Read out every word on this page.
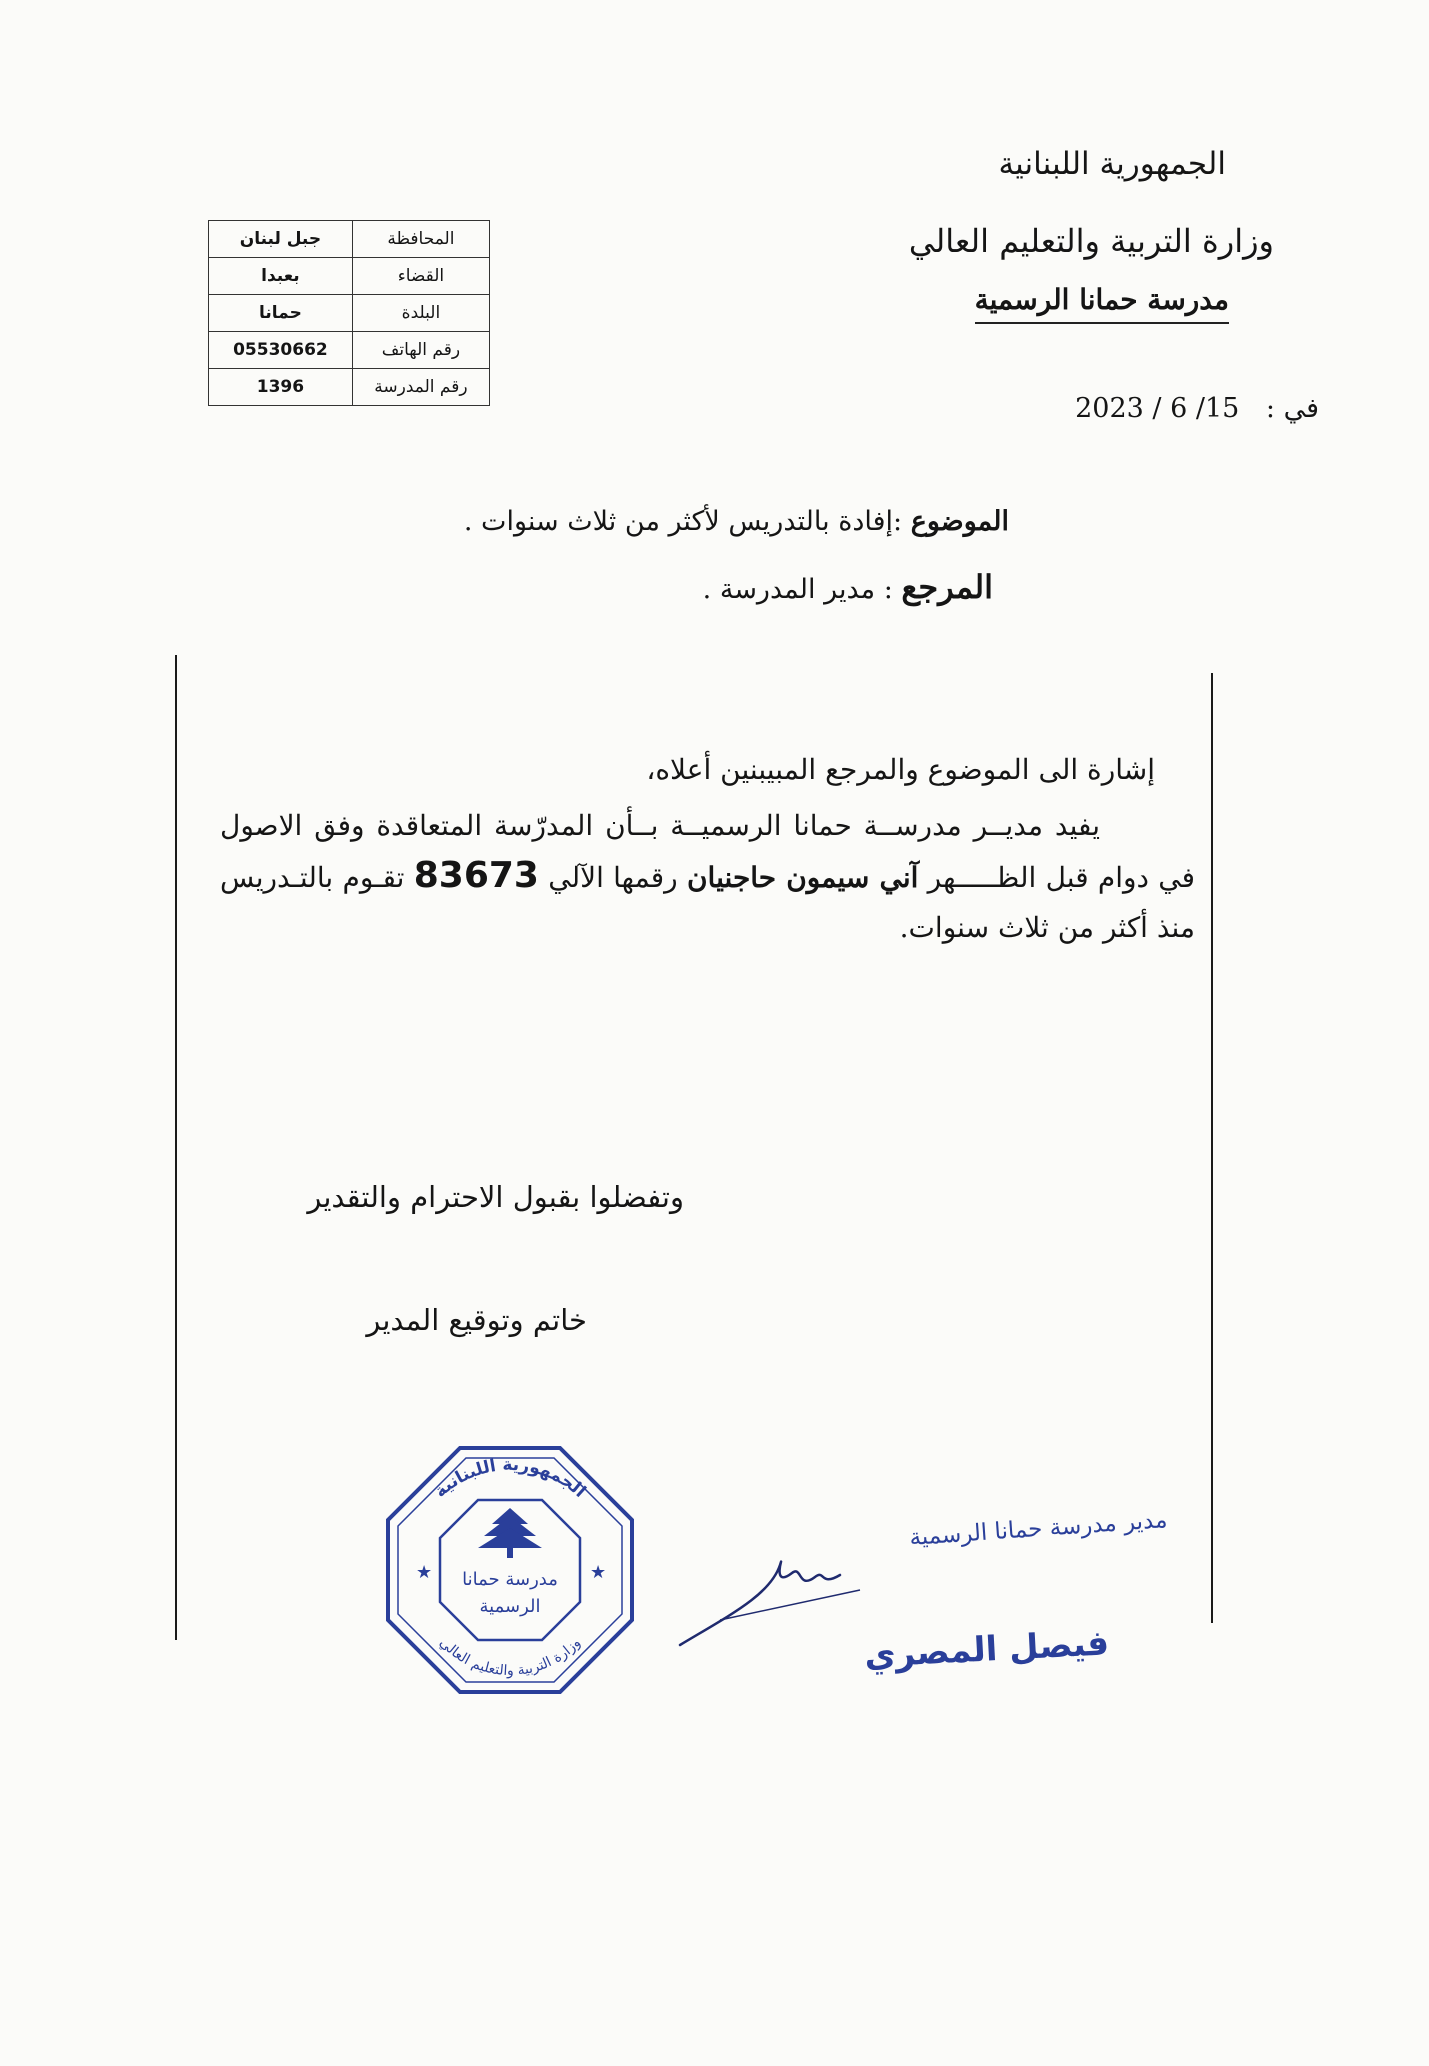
الجمهورية اللبنانية
وزارة التربية والتعليم العالي
مدرسة حمانا الرسمية
المحافظة	جبل لبنان
القضاء	بعبدا
البلدة	حمانا
رقم الهاتف	05530662
رقم المدرسة	1396
في : 2023 / 6 /15
الموضوع :إفادة بالتدريس لأكثر من ثلاث سنوات .
المرجع : مدير المدرسة .
إشارة الى الموضوع والمرجع المبيبنين أعلاه،
يفيد مديــر مدرســة حمانا الرسميــة بــأن المدرّسة المتعاقدة وفق الاصول في دوام قبل الظـــــهر آني سيمون حاجنيان رقمها الآلي 83673 تقـوم بالتـدريس منذ أكثر من ثلاث سنوات.
وتفضلوا بقبول الاحترام والتقدير
خاتم وتوقيع المدير
الجمهورية اللبنانية
وزارة التربية والتعليم العالي
★	★
مدرسة حمانا
الرسمية
مدير مدرسة حمانا الرسمية
فيصل المصري
